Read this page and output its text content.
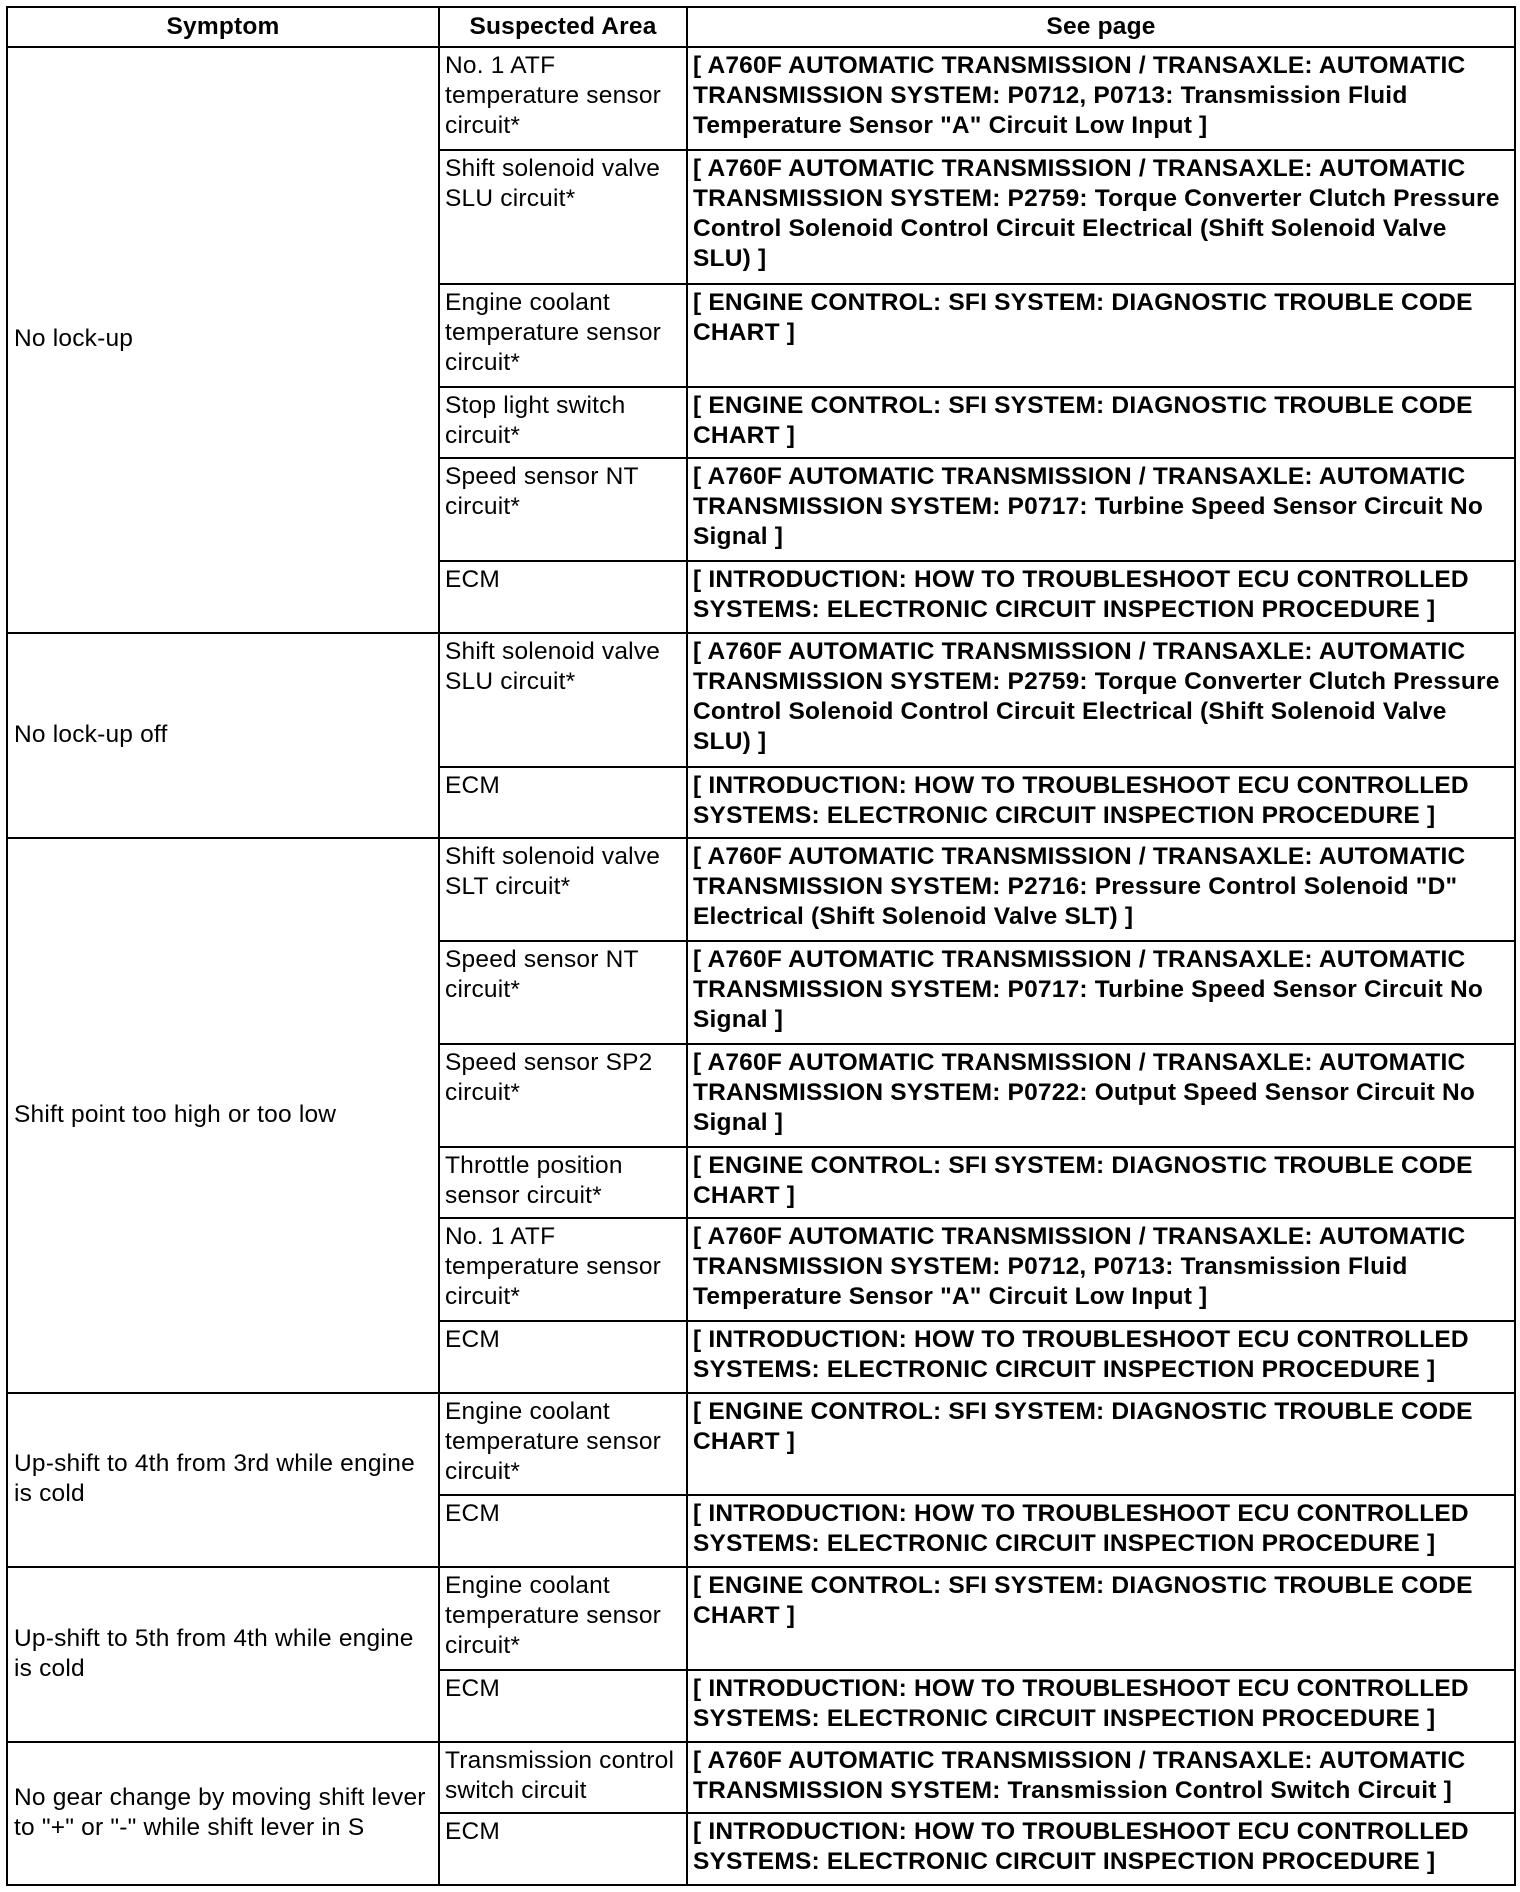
Symptom	Suspected Area	See page
No lock-up	No. 1 ATF temperature sensor circuit*	[ A760F AUTOMATIC TRANSMISSION / TRANSAXLE: AUTOMATIC TRANSMISSION SYSTEM: P0712, P0713: Transmission Fluid Temperature Sensor "A" Circuit Low Input ]
	Shift solenoid valve SLU circuit*	[ A760F AUTOMATIC TRANSMISSION / TRANSAXLE: AUTOMATIC TRANSMISSION SYSTEM: P2759: Torque Converter Clutch Pressure Control Solenoid Control Circuit Electrical (Shift Solenoid Valve SLU) ]
	Engine coolant temperature sensor circuit*	[ ENGINE CONTROL: SFI SYSTEM: DIAGNOSTIC TROUBLE CODE CHART ]
	Stop light switch circuit*	[ ENGINE CONTROL: SFI SYSTEM: DIAGNOSTIC TROUBLE CODE CHART ]
	Speed sensor NT circuit*	[ A760F AUTOMATIC TRANSMISSION / TRANSAXLE: AUTOMATIC TRANSMISSION SYSTEM: P0717: Turbine Speed Sensor Circuit No Signal ]
	ECM	[ INTRODUCTION: HOW TO TROUBLESHOOT ECU CONTROLLED SYSTEMS: ELECTRONIC CIRCUIT INSPECTION PROCEDURE ]
No lock-up off	Shift solenoid valve SLU circuit*	[ A760F AUTOMATIC TRANSMISSION / TRANSAXLE: AUTOMATIC TRANSMISSION SYSTEM: P2759: Torque Converter Clutch Pressure Control Solenoid Control Circuit Electrical (Shift Solenoid Valve SLU) ]
	ECM	[ INTRODUCTION: HOW TO TROUBLESHOOT ECU CONTROLLED SYSTEMS: ELECTRONIC CIRCUIT INSPECTION PROCEDURE ]
Shift point too high or too low	Shift solenoid valve SLT circuit*	[ A760F AUTOMATIC TRANSMISSION / TRANSAXLE: AUTOMATIC TRANSMISSION SYSTEM: P2716: Pressure Control Solenoid "D" Electrical (Shift Solenoid Valve SLT) ]
	Speed sensor NT circuit*	[ A760F AUTOMATIC TRANSMISSION / TRANSAXLE: AUTOMATIC TRANSMISSION SYSTEM: P0717: Turbine Speed Sensor Circuit No Signal ]
	Speed sensor SP2 circuit*	[ A760F AUTOMATIC TRANSMISSION / TRANSAXLE: AUTOMATIC TRANSMISSION SYSTEM: P0722: Output Speed Sensor Circuit No Signal ]
	Throttle position sensor circuit*	[ ENGINE CONTROL: SFI SYSTEM: DIAGNOSTIC TROUBLE CODE CHART ]
	No. 1 ATF temperature sensor circuit*	[ A760F AUTOMATIC TRANSMISSION / TRANSAXLE: AUTOMATIC TRANSMISSION SYSTEM: P0712, P0713: Transmission Fluid Temperature Sensor "A" Circuit Low Input ]
	ECM	[ INTRODUCTION: HOW TO TROUBLESHOOT ECU CONTROLLED SYSTEMS: ELECTRONIC CIRCUIT INSPECTION PROCEDURE ]
Up-shift to 4th from 3rd while engine is cold	Engine coolant temperature sensor circuit*	[ ENGINE CONTROL: SFI SYSTEM: DIAGNOSTIC TROUBLE CODE CHART ]
	ECM	[ INTRODUCTION: HOW TO TROUBLESHOOT ECU CONTROLLED SYSTEMS: ELECTRONIC CIRCUIT INSPECTION PROCEDURE ]
Up-shift to 5th from 4th while engine is cold	Engine coolant temperature sensor circuit*	[ ENGINE CONTROL: SFI SYSTEM: DIAGNOSTIC TROUBLE CODE CHART ]
	ECM	[ INTRODUCTION: HOW TO TROUBLESHOOT ECU CONTROLLED SYSTEMS: ELECTRONIC CIRCUIT INSPECTION PROCEDURE ]
No gear change by moving shift lever to "+" or "-" while shift lever in S	Transmission control switch circuit	[ A760F AUTOMATIC TRANSMISSION / TRANSAXLE: AUTOMATIC TRANSMISSION SYSTEM: Transmission Control Switch Circuit ]
	ECM	[ INTRODUCTION: HOW TO TROUBLESHOOT ECU CONTROLLED SYSTEMS: ELECTRONIC CIRCUIT INSPECTION PROCEDURE ]
